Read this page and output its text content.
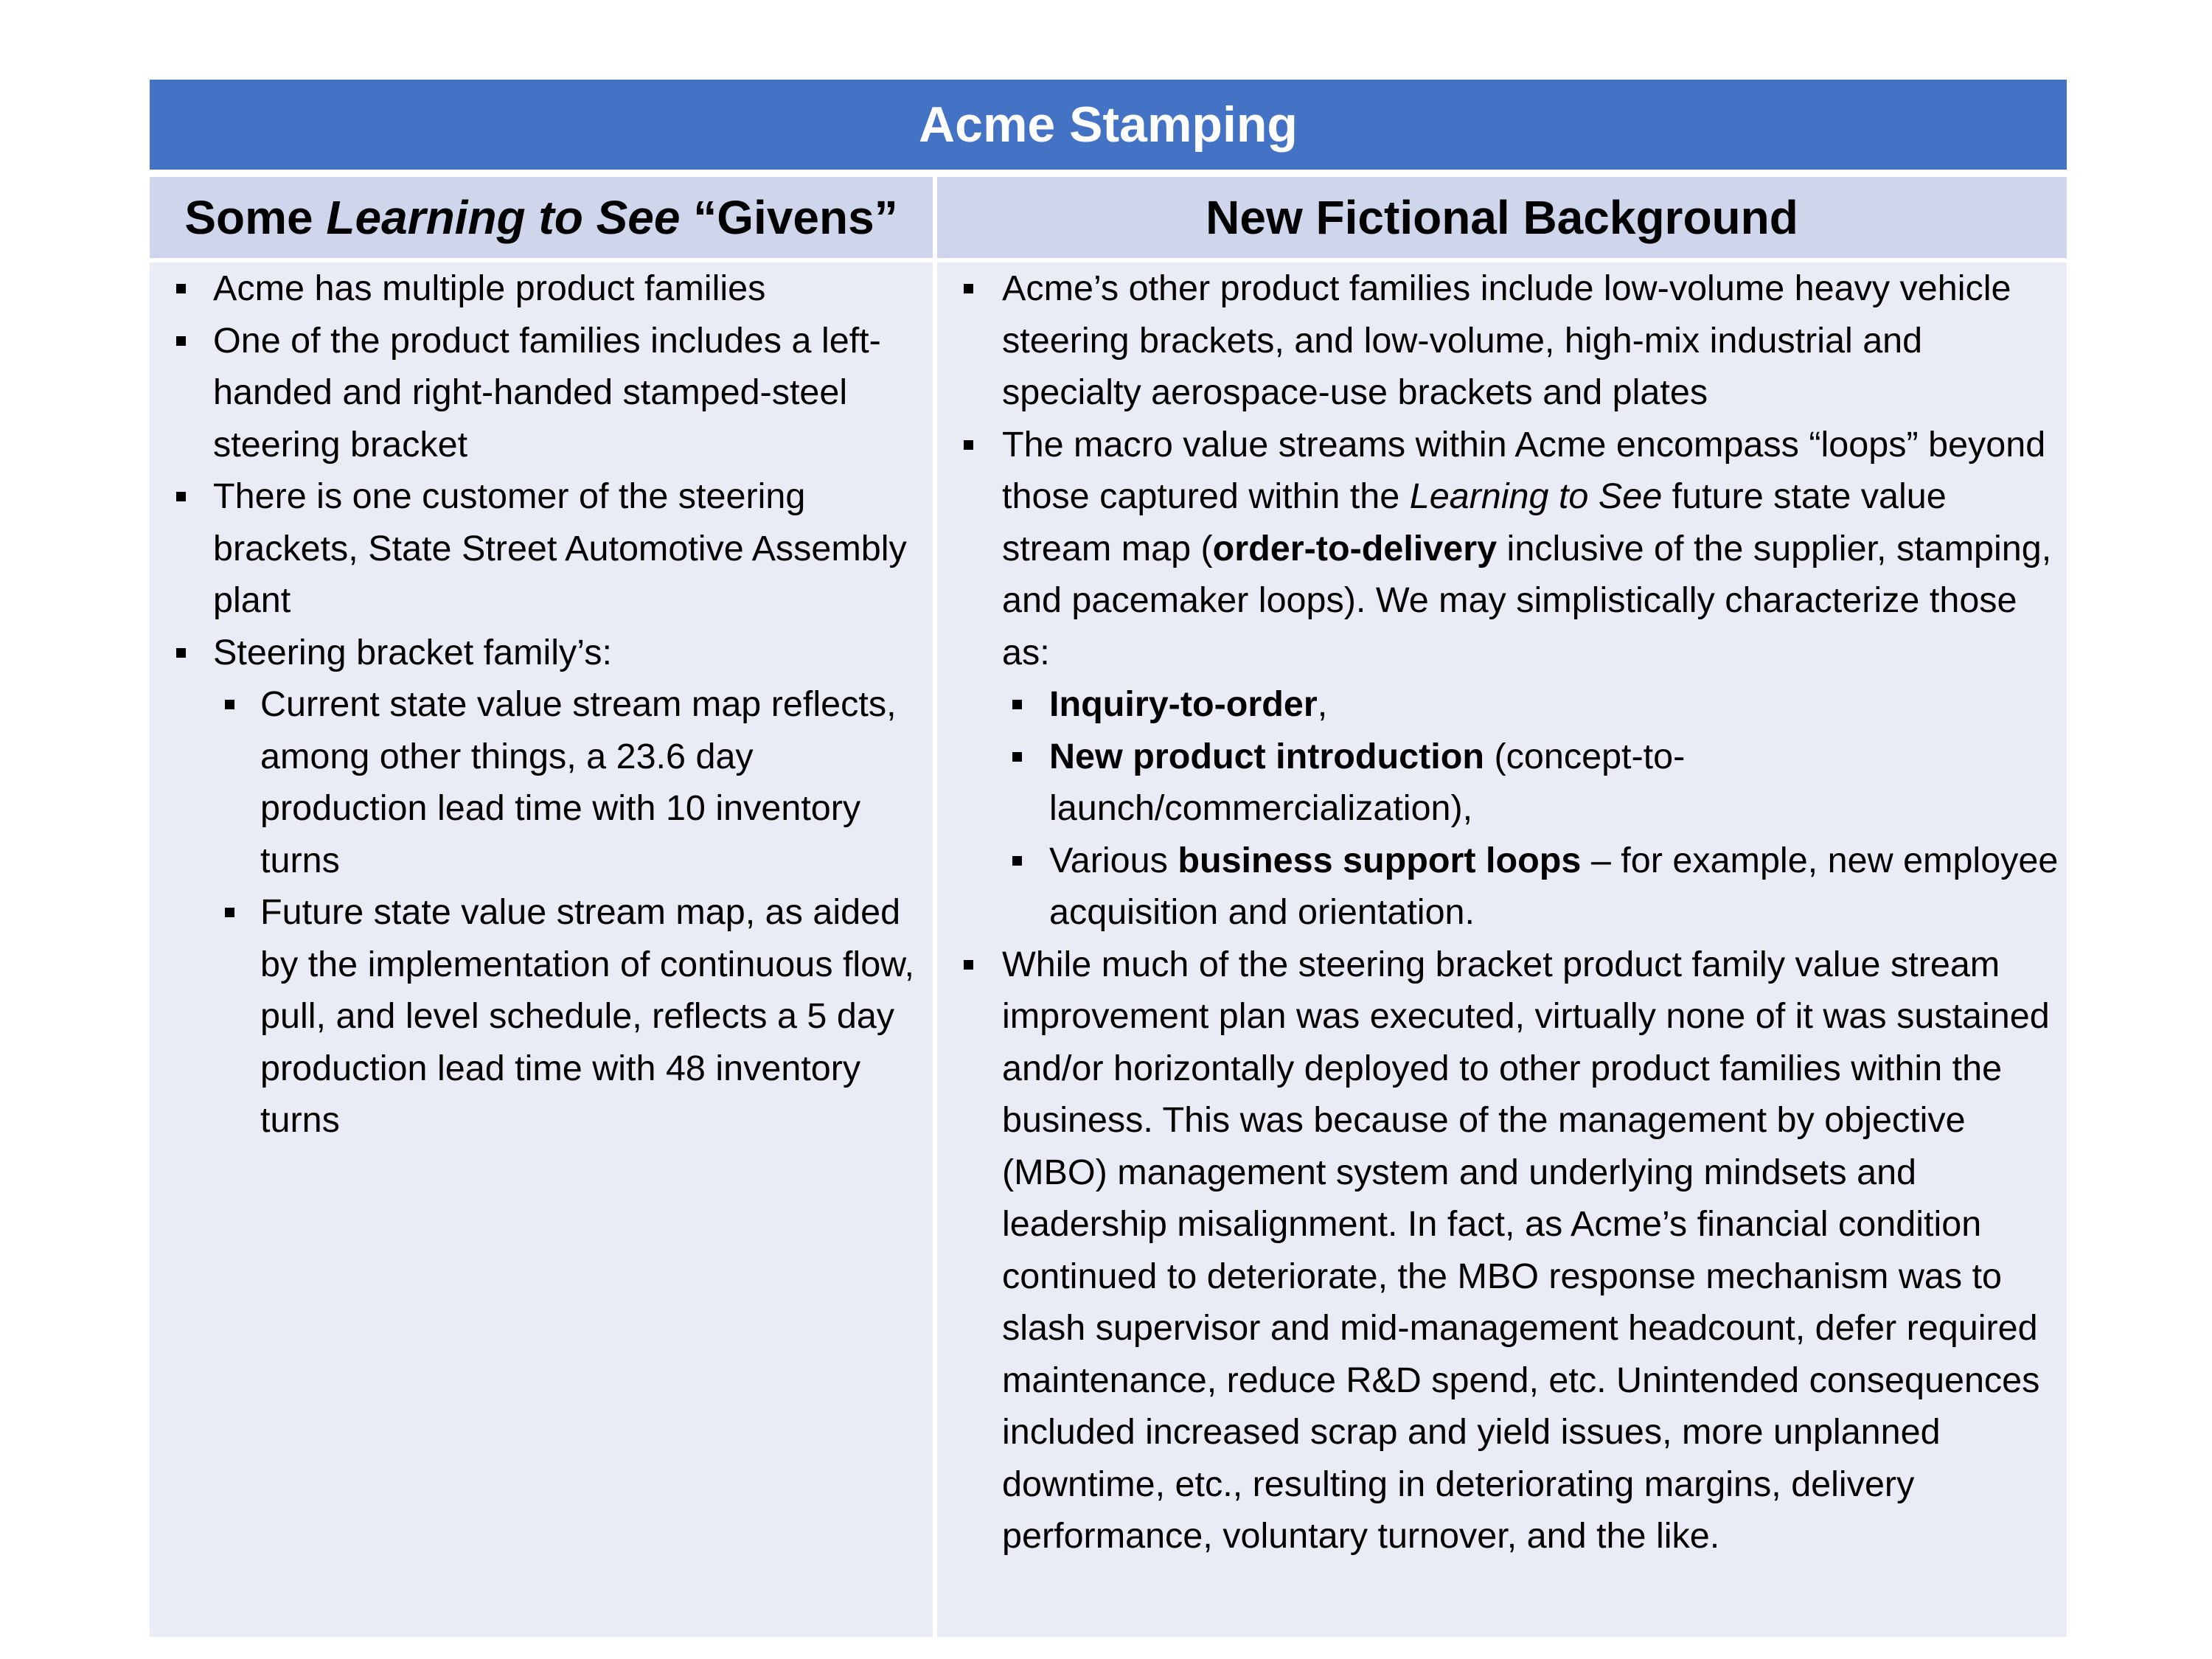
Acme Stamping
Some Learning to See “Givens”	New Fictional Background
Acme has multiple product families
One of the product families includes a left-handed and right-handed stamped-steel steering bracket
There is one customer of the steering brackets, State Street Automotive Assembly plant
Steering bracket family’s:
Current state value stream map reflects, among other things, a 23.6 day production lead time with 10 inventory turns
Future state value stream map, as aided by the implementation of continuous flow, pull, and level schedule, reflects a 5 day production lead time with 48 inventory turns
Acme’s other product families include low-volume heavy vehicle steering brackets, and low-volume, high-mix industrial and specialty aerospace-use brackets and plates
The macro value streams within Acme encompass “loops” beyond those captured within the Learning to See future state value stream map (order-to-delivery inclusive of the supplier, stamping, and pacemaker loops). We may simplistically characterize those as:
Inquiry-to-order,
New product introduction (concept-to-launch/commercialization),
Various business support loops – for example, new employee acquisition and orientation.
While much of the steering bracket product family value stream improvement plan was executed, virtually none of it was sustained and/or horizontally deployed to other product families within the business. This was because of the management by objective (MBO) management system and underlying mindsets and leadership misalignment. In fact, as Acme’s financial condition continued to deteriorate, the MBO response mechanism was to slash supervisor and mid-management headcount, defer required maintenance, reduce R&D spend, etc. Unintended consequences included increased scrap and yield issues, more unplanned downtime, etc., resulting in deteriorating margins, delivery performance, voluntary turnover, and the like.
